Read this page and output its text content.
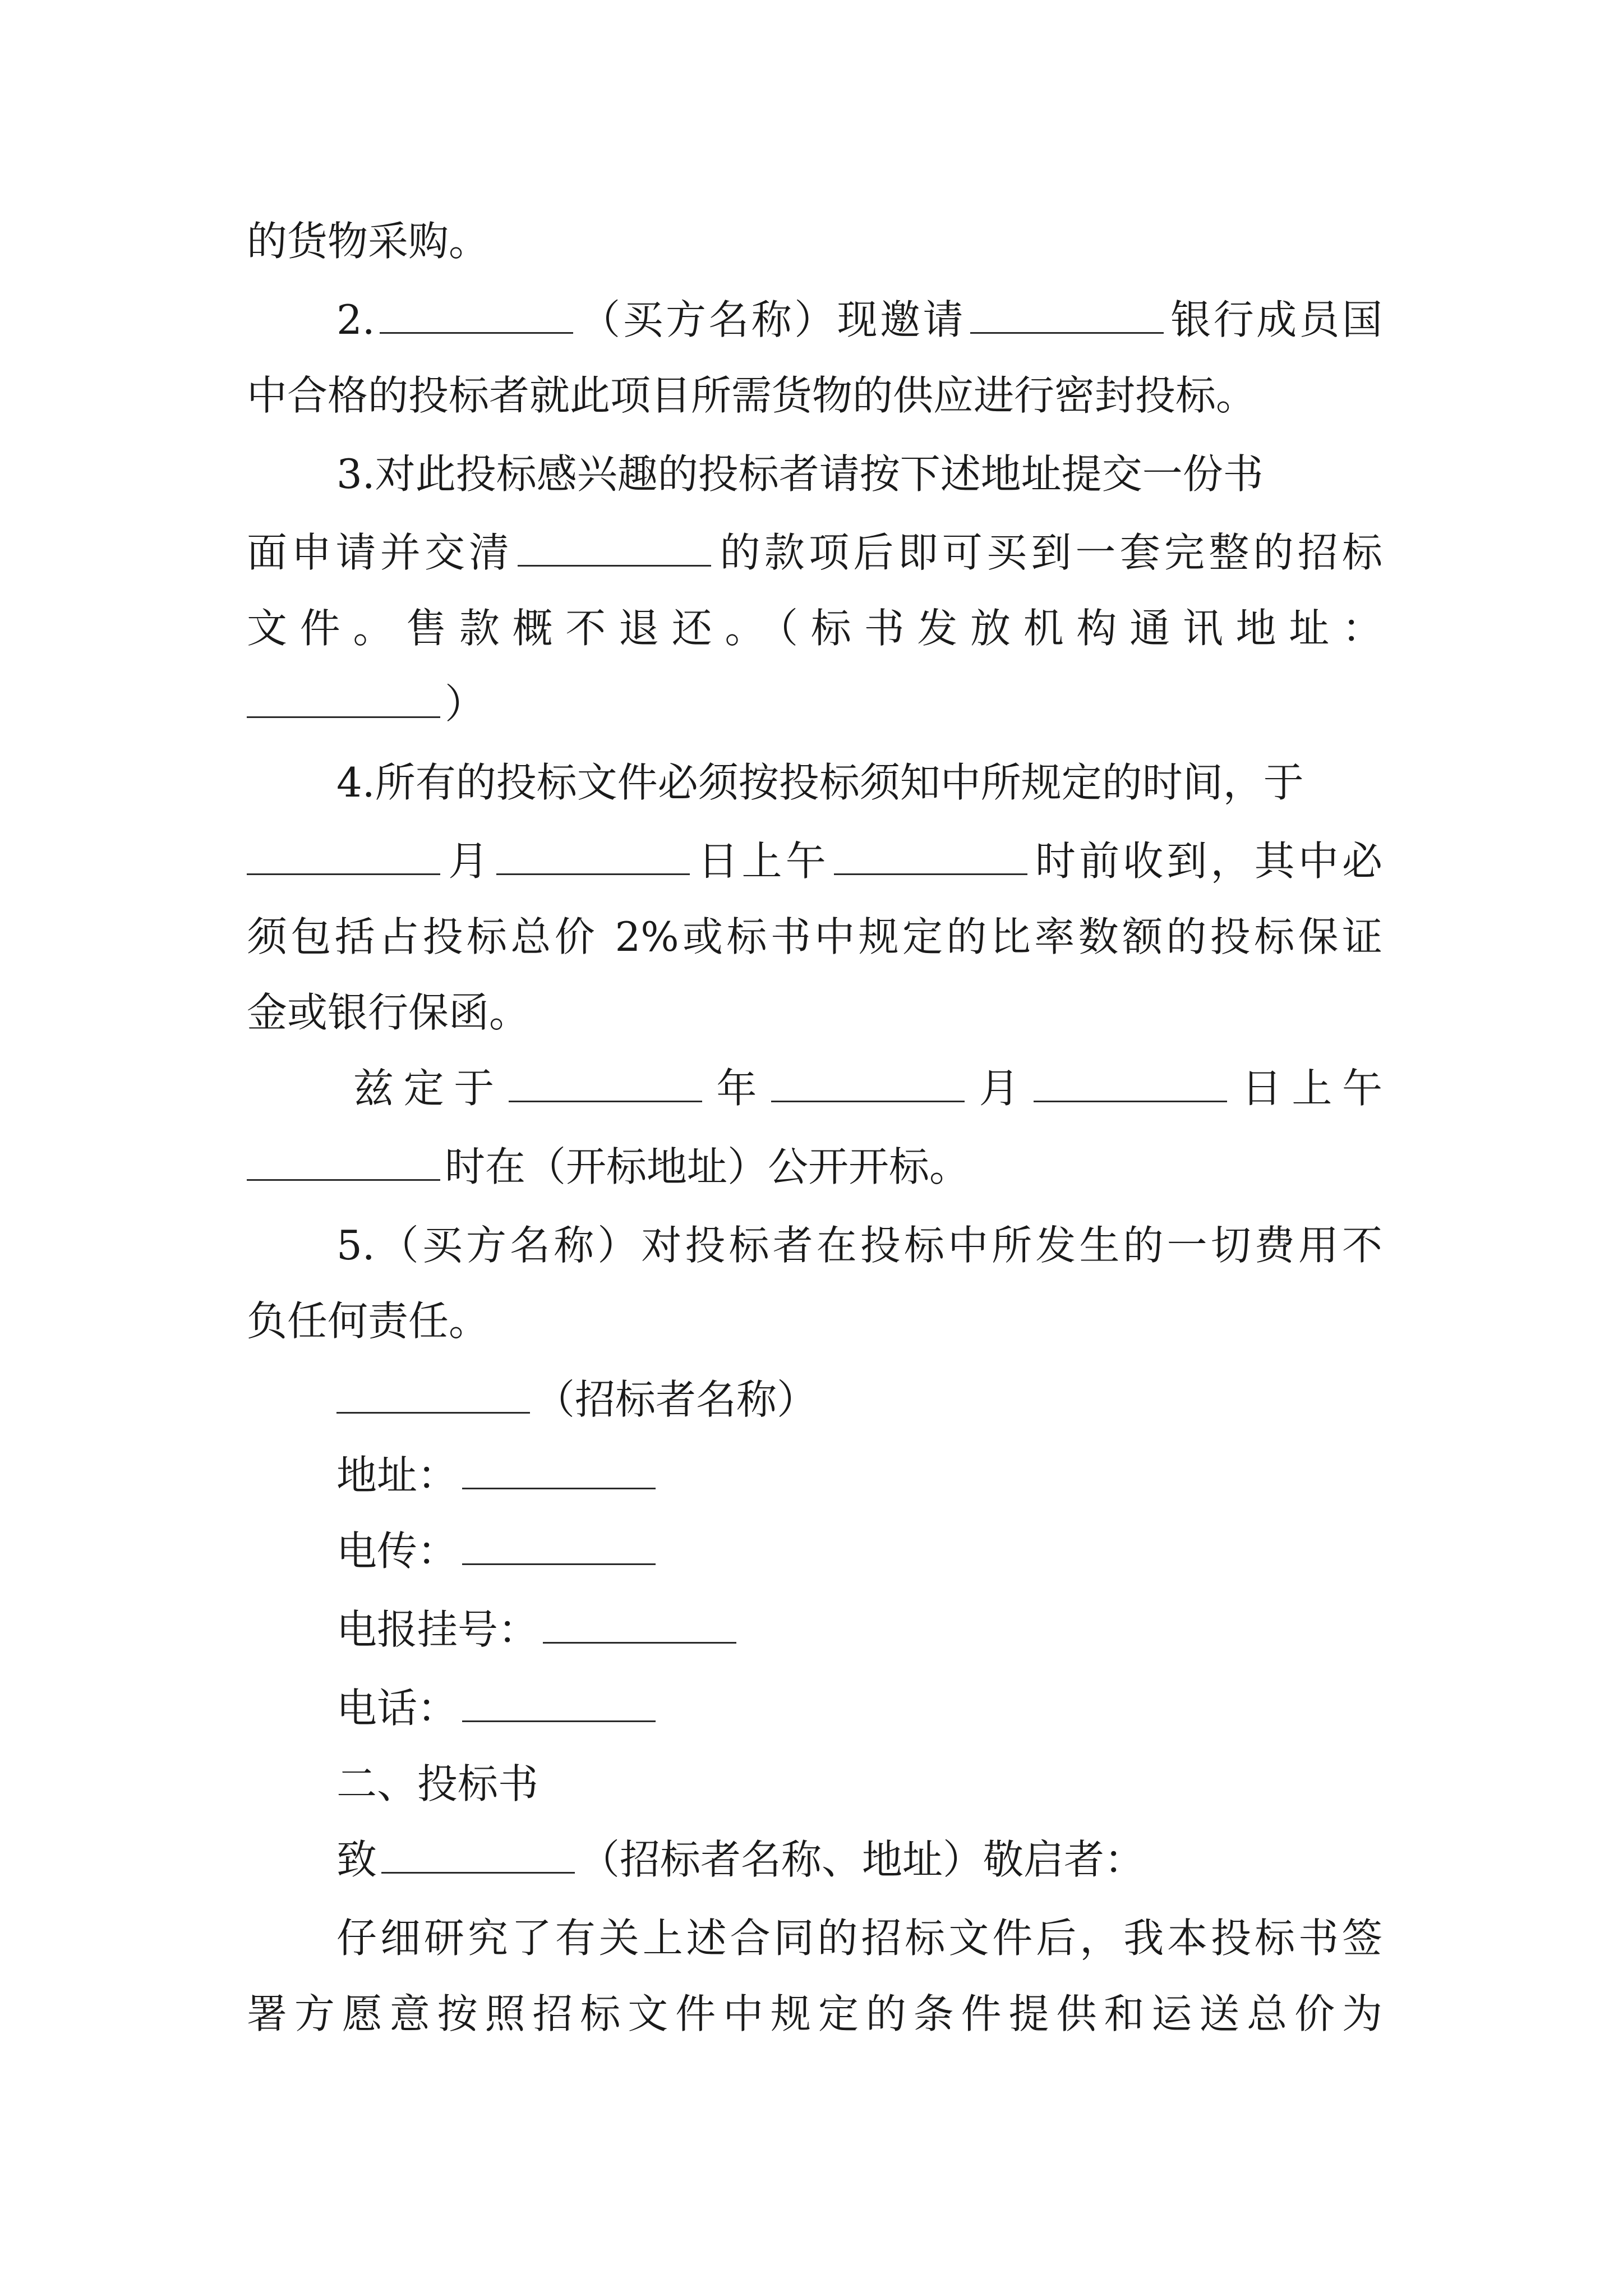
的货物采购。
2.	（买方名称）现邀请	银行成员国
中合格的投标者就此项目所需货物的供应进行密封投标。
3.对此投标感兴趣的投标者请按下述地址提交一份书
面申请并交清	的款项后即可买到一套完整的招标
文件。售款概不退还。（标书发放机构通讯地址：
）
4.所有的投标文件必须按投标须知中所规定的时间，于
月	日上午	时前收到，其中必
须包括占投标总价 2%或标书中规定的比率数额的投标保证
金或银行保函。
兹定于	年	月	日上午
时在（开标地址）公开开标。
5.（买方名称）对投标者在投标中所发生的一切费用不
负任何责任。
（招标者名称）
地址：
电传：
电报挂号：
电话：
二、投标书
致	（招标者名称、地址）敬启者：
仔细研究了有关上述合同的招标文件后，我本投标书签
署方愿意按照招标文件中规定的条件提供和运送总价为
